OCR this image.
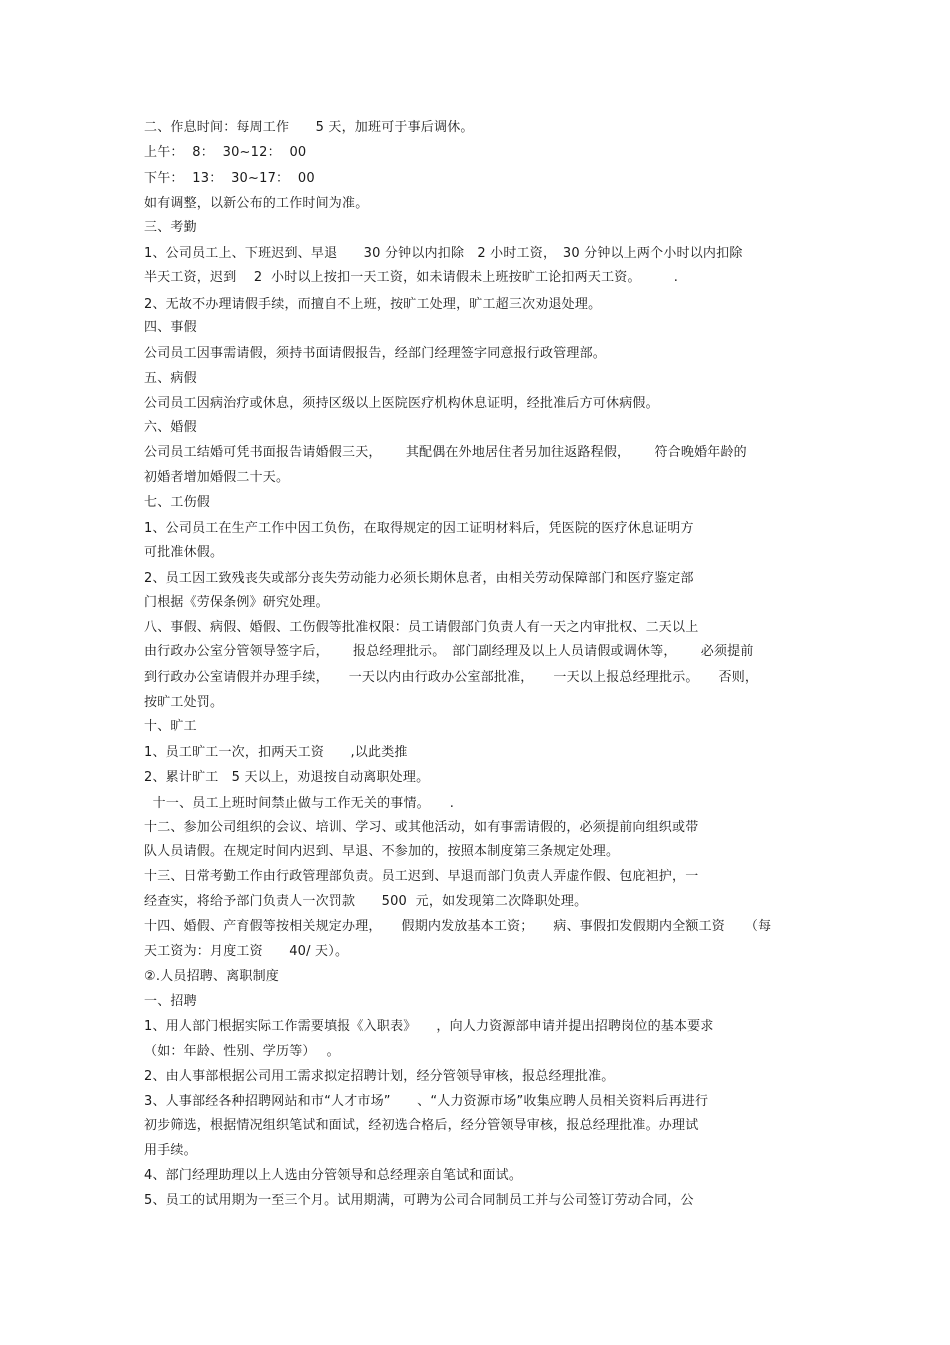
二、作息时间：每周工作　　5 天，加班可于事后调休。
上午：  8：  30~12：  00
下午：  13：  30~17：  00
如有调整，以新公布的工作时间为准。
三、考勤
1、公司员工上、下班迟到、早退　　30 分钟以内扣除　2 小时工资，　30 分钟以上两个小时以内扣除
半天工资，迟到　 2  小时以上按扣一天工资，如未请假未上班按旷工论扣两天工资。　　　.
2、无故不办理请假手续，而擅自不上班，按旷工处理，旷工超三次劝退处理。
四、事假
公司员工因事需请假，须持书面请假报告，经部门经理签字同意报行政管理部。
五、病假
公司员工因病治疗或休息，须持区级以上医院医疗机构休息证明，经批准后方可休病假。
六、婚假
公司员工结婚可凭书面报告请婚假三天，　　 其配偶在外地居住者另加往返路程假，　　 符合晚婚年龄的
初婚者增加婚假二十天。
七、工伤假
1、公司员工在生产工作中因工负伤，在取得规定的因工证明材料后，凭医院的医疗休息证明方
可批准休假。
2、员工因工致残丧失或部分丧失劳动能力必须长期休息者，由相关劳动保障部门和医疗鉴定部
门根据《劳保条例》研究处理。
八、事假、病假、婚假、工伤假等批准权限：员工请假部门负责人有一天之内审批权、二天以上
由行政办公室分管领导签字后，　　 报总经理批示。　部门副经理及以上人员请假或调休等，　　 必须提前
到行政办公室请假并办理手续，　　一天以内由行政办公室部批准，　　一天以上报总经理批示。　　否则，
按旷工处罚。
十、旷工
1、员工旷工一次，扣两天工资　　,以此类推
2、累计旷工　5 天以上，劝退按自动离职处理。
十一、员工上班时间禁止做与工作无关的事情。　　.
十二、参加公司组织的会议、培训、学习、或其他活动，如有事需请假的，必须提前向组织或带
队人员请假。在规定时间内迟到、早退、不参加的，按照本制度第三条规定处理。
十三、日常考勤工作由行政管理部负责。员工迟到、早退而部门负责人弄虚作假、包庇袒护，一
经查实，将给予部门负责人一次罚款　　500  元，如发现第二次降职处理。
十四、婚假、产育假等按相关规定办理，　　假期内发放基本工资；　　病、事假扣发假期内全额工资　　（每
天工资为：月度工资　　40/ 天）。
②.人员招聘、离职制度
一、招聘
1、用人部门根据实际工作需要填报《入职表》　　，向人力资源部申请并提出招聘岗位的基本要求
（如：年龄、性别、学历等）　 。
2、由人事部根据公司用工需求拟定招聘计划，经分管领导审核，报总经理批准。
3、人事部经各种招聘网站和市“人才市场”　　、“人力资源市场”收集应聘人员相关资料后再进行
初步筛选，根据情况组织笔试和面试，经初选合格后，经分管领导审核，报总经理批准。办理试
用手续。
4、部门经理助理以上人选由分管领导和总经理亲自笔试和面试。
5、员工的试用期为一至三个月。试用期满，可聘为公司合同制员工并与公司签订劳动合同，公
